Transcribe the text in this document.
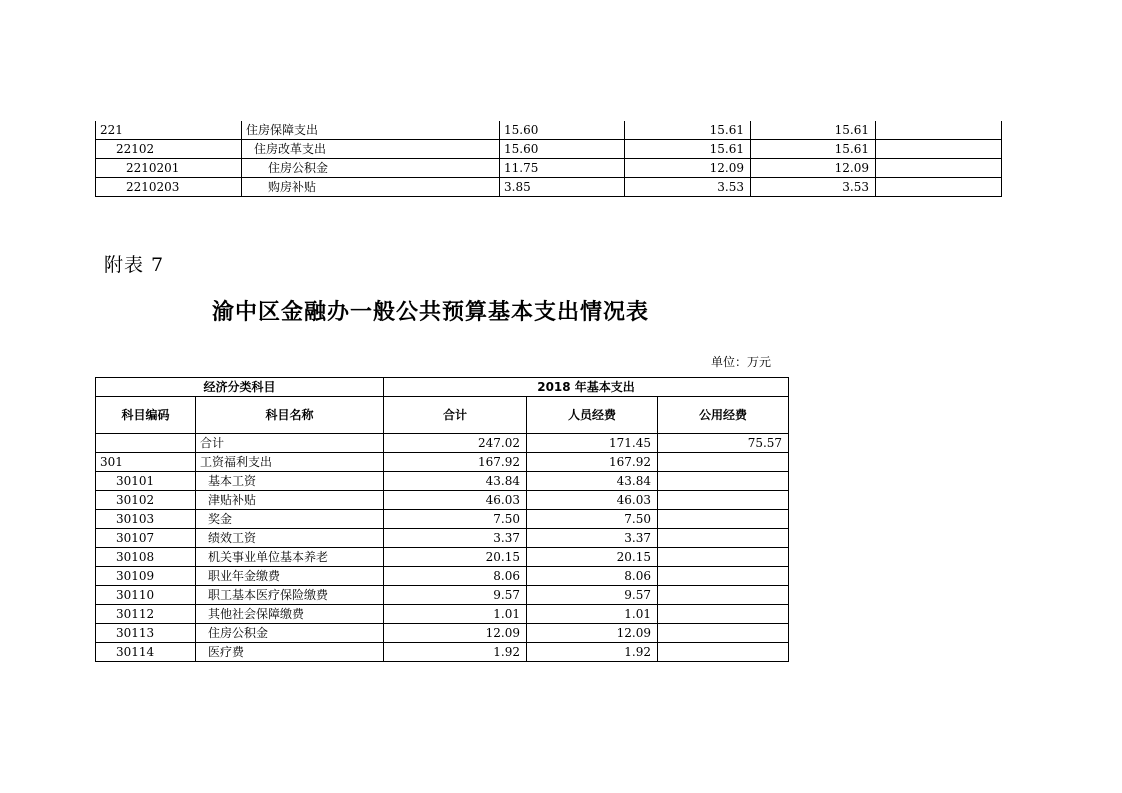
221	住房保障支出	15.60	15.61	15.61	
22102	住房改革支出	15.60	15.61	15.61	
2210201	住房公积金	11.75	12.09	12.09	
2210203	购房补贴	3.85	3.53	3.53	
附表 7
渝中区金融办一般公共预算基本支出情况表
单位：万元
经济分类科目		2018 年基本支出		
科目编码	科目名称	合计	人员经费	公用经费
	合计	247.02	171.45	75.57
301	工资福利支出	167.92	167.92	
30101	基本工资	43.84	43.84	
30102	津贴补贴	46.03	46.03	
30103	奖金	7.50	7.50	
30107	绩效工资	3.37	3.37	
30108	机关事业单位基本养老	20.15	20.15	
30109	职业年金缴费	8.06	8.06	
30110	职工基本医疗保险缴费	9.57	9.57	
30112	其他社会保障缴费	1.01	1.01	
30113	住房公积金	12.09	12.09	
30114	医疗费	1.92	1.92	
